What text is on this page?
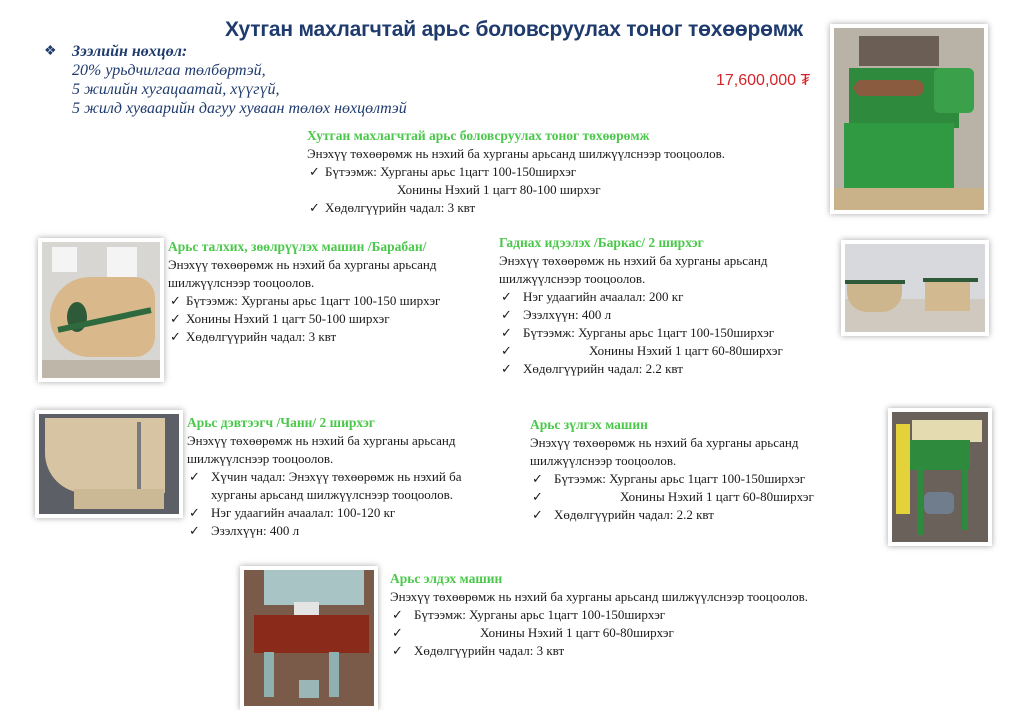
Хутган махлагчтай арьс боловсруулах тоног төхөөрөмж
❖ Зээлийн нөхцөл:
20% урьдчилгаа төлбөртэй,
5 жилийн хугацаатай, хүүгүй,
5 жилд хуваарийн дагуу хуваан төлөх нөхцөлтэй
17,600,000 ₮
Хутган махлагчтай арьс боловсруулах тоног төхөөрөмж
Энэхүү төхөөрөмж нь нэхий ба хурганы арьсанд шилжүүлснээр тооцоолов.
✓ Бүтээмж: Хурганы арьс 1цагт 100-150ширхэг
Хонины Нэхий 1 цагт 80-100 ширхэг
✓ Хөдөлгүүрийн чадал: 3 квт
Арьс талхих, зөөлрүүлэх машин /Барабан/
Энэхүү төхөөрөмж нь нэхий ба хурганы арьсанд шилжүүлснээр тооцоолов.
✓ Бүтээмж: Хурганы арьс 1цагт 100-150 ширхэг
✓ Хонины Нэхий 1 цагт 50-100 ширхэг
✓ Хөдөлгүүрийн чадал: 3 квт
Гаднах идээлэх /Баркас/ 2 ширхэг
Энэхүү төхөөрөмж нь нэхий ба хурганы арьсанд шилжүүлснээр тооцоолов.
✓ Нэг удаагийн ачаалал: 200 кг
✓ Эзэлхүүн: 400 л
✓ Бүтээмж: Хурганы арьс 1цагт 100-150ширхэг
✓	Хонины Нэхий 1 цагт 60-80ширхэг
✓ Хөдөлгүүрийн чадал: 2.2 квт
Арьс дэвтээгч /Чанн/ 2 ширхэг
Энэхүү төхөөрөмж нь нэхий ба хурганы арьсанд шилжүүлснээр тооцоолов.
✓ Хүчин чадал: Энэхүү төхөөрөмж нь нэхий ба хурганы арьсанд шилжүүлснээр тооцоолов.
✓ Нэг удаагийн ачаалал: 100-120 кг
✓ Эзэлхүүн: 400 л
Арьс зүлгэх машин
Энэхүү төхөөрөмж нь нэхий ба хурганы арьсанд шилжүүлснээр тооцоолов.
✓ Бүтээмж: Хурганы арьс 1цагт 100-150ширхэг
✓	Хонины Нэхий 1 цагт 60-80ширхэг
✓ Хөдөлгүүрийн чадал: 2.2 квт
Арьс элдэх машин
Энэхүү төхөөрөмж нь нэхий ба хурганы арьсанд шилжүүлснээр тооцоолов.
✓ Бүтээмж: Хурганы арьс 1цагт 100-150ширхэг
✓	Хонины Нэхий 1 цагт 60-80ширхэг
✓ Хөдөлгүүрийн чадал: 3 квт
